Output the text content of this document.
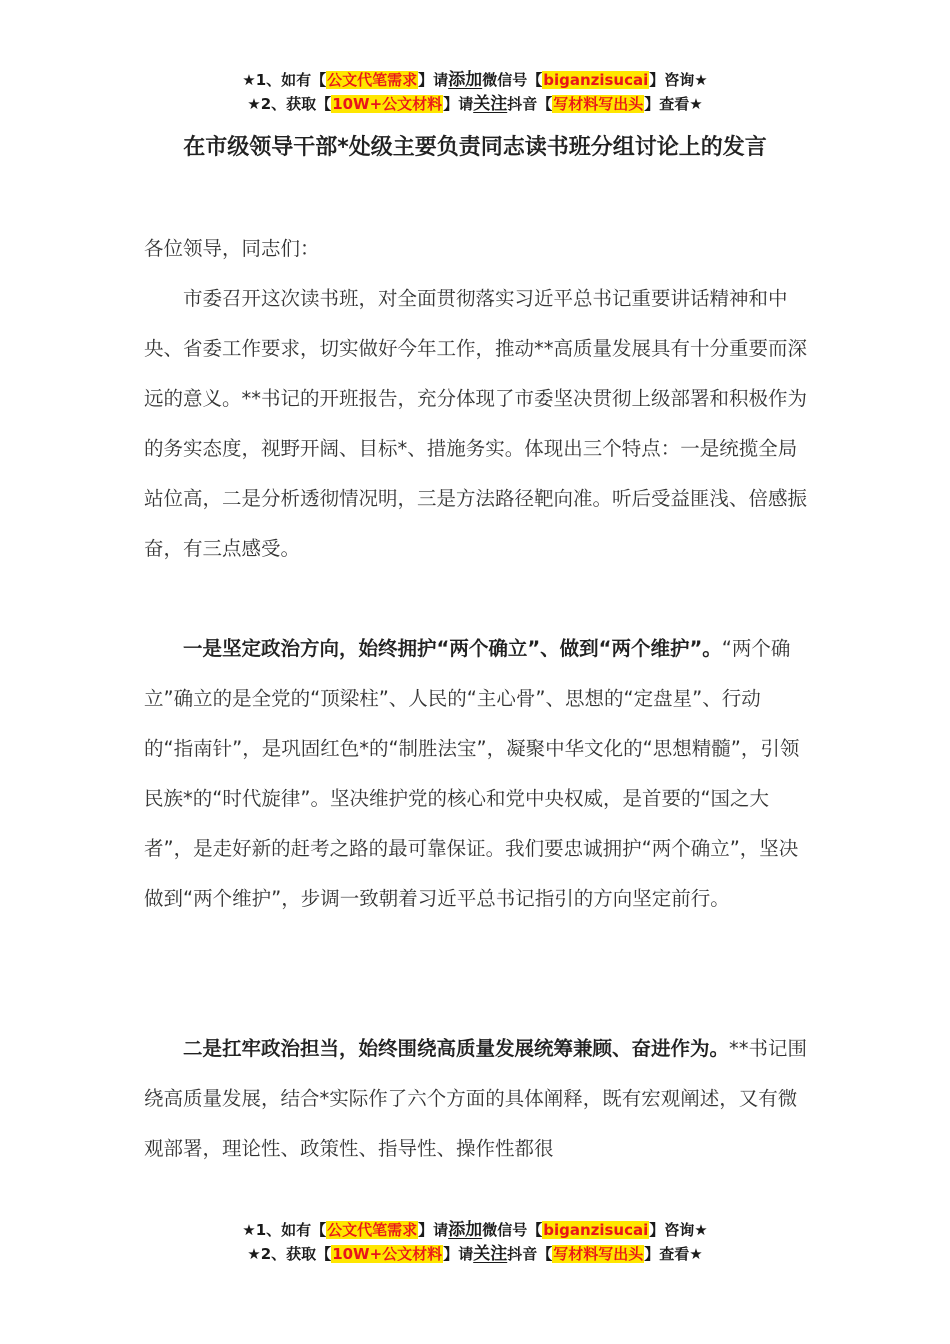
★1、如有【公文代笔需求】请添加微信号【biganzisucai】咨询★
★2、获取【10W+公文材料】请关注抖音【写材料写出头】查看★
在市级领导干部*处级主要负责同志读书班分组讨论上的发言
各位领导，同志们：

市委召开这次读书班，对全面贯彻落实习近平总书记重要讲话精神和中央、省委工作要求，切实做好今年工作，推动**高质量发展具有十分重要而深远的意义。**书记的开班报告，充分体现了市委坚决贯彻上级部署和积极作为的务实态度，视野开阔、目标*、措施务实。体现出三个特点：一是统揽全局站位高，二是分析透彻情况明，三是方法路径靶向准。听后受益匪浅、倍感振奋，有三点感受。

一是坚定政治方向，始终拥护“两个确立”、做到“两个维护”。“两个确立”确立的是全党的“顶梁柱”、人民的“主心骨”、思想的“定盘星”、行动的“指南针”，是巩固红色*的“制胜法宝”，凝聚中华文化的“思想精髓”，引领民族*的“时代旋律”。坚决维护党的核心和党中央权威，是首要的“国之大者”，是走好新的赶考之路的最可靠保证。我们要忠诚拥护“两个确立”，坚决做到“两个维护”，步调一致朝着习近平总书记指引的方向坚定前行。

二是扛牢政治担当，始终围绕高质量发展统筹兼顾、奋进作为。**书记围绕高质量发展，结合*实际作了六个方面的具体阐释，既有宏观阐述，又有微观部署，理论性、政策性、指导性、操作性都很

★1、如有【公文代笔需求】请添加微信号【biganzisucai】咨询★
★2、获取【10W+公文材料】请关注抖音【写材料写出头】查看★
